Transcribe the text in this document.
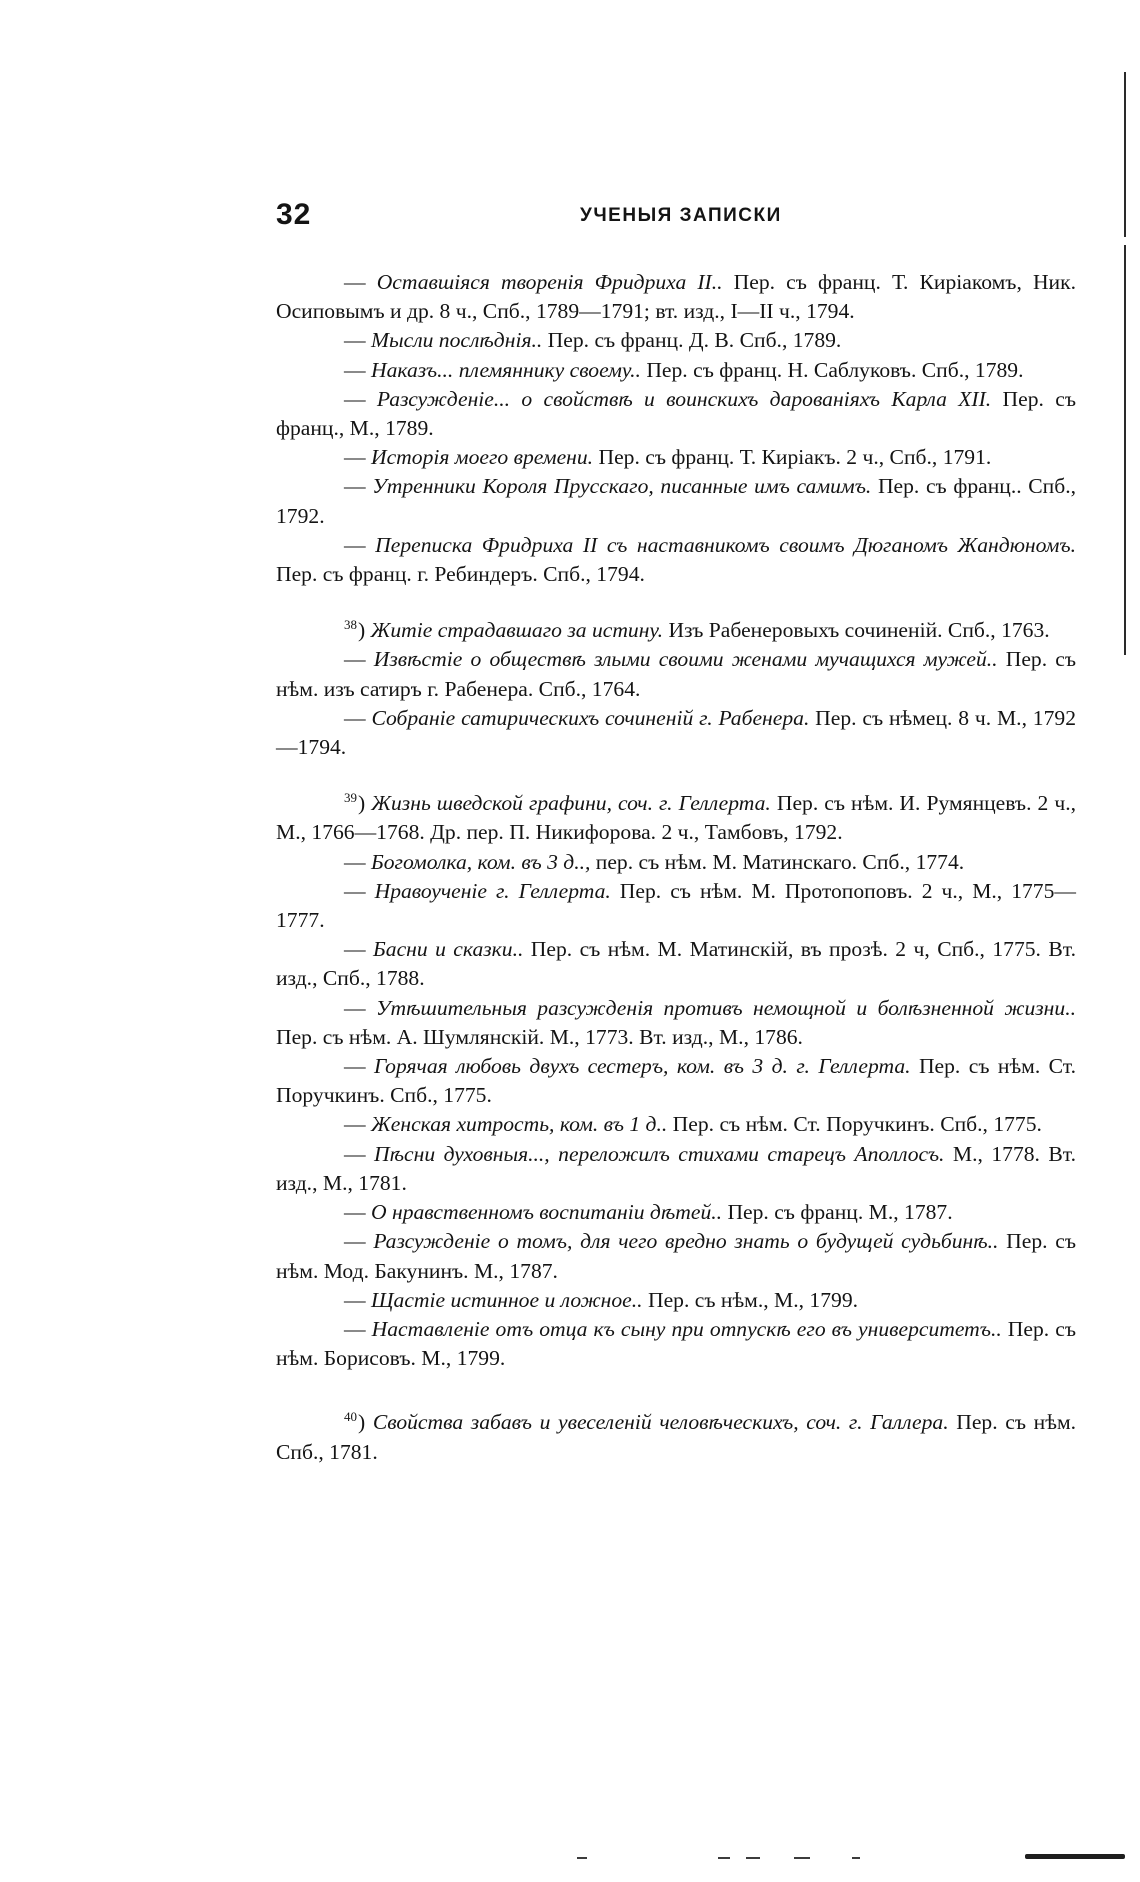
32	УЧЕНЫЯ ЗАПИСКИ

— Оставшіяся творенія Фридриха II.. Пер. съ франц. Т. Киріакомъ, Ник. Осиповымъ и др. 8 ч., Спб., 1789—1791; вт. изд., I—II ч., 1794.

— Мысли послѣднія.. Пер. съ франц. Д. В. Спб., 1789.

— Наказъ... племяннику своему.. Пер. съ франц. Н. Саблуковъ. Спб., 1789.

— Разсужденіе... о свойствѣ и воинскихъ дарованіяхъ Карла XII. Пер. съ франц., М., 1789.

— Исторія моего времени. Пер. съ франц. Т. Киріакъ. 2 ч., Спб., 1791.

— Утренники Короля Прусскаго, писанные имъ самимъ. Пер. съ франц.. Спб., 1792.

— Переписка Фридриха II съ наставникомъ своимъ Дюганомъ Жандюномъ. Пер. съ франц. г. Ребиндеръ. Спб., 1794.

$^{38}$) Житіе страдавшаго за истину. Изъ Рабенеровыхъ сочиненій. Спб., 1763.

— Извѣстіе о обществѣ злыми своими женами мучащихся мужей.. Пер. съ нѣм. изъ сатиръ г. Рабенера. Спб., 1764.

— Собраніе сатирическихъ сочиненій г. Рабенера. Пер. съ нѣмец. 8 ч. М., 1792—1794.

$^{39}$) Жизнь шведской графини, соч. г. Геллерта. Пер. съ нѣм. И. Румянцевъ. 2 ч., М., 1766—1768. Др. пер. П. Никифорова. 2 ч., Тамбовъ, 1792.

— Богомолка, ком. въ 3 д.., пер. съ нѣм. М. Матинскаго. Спб., 1774.

— Нравоученіе г. Геллерта. Пер. съ нѣм. М. Протопоповъ. 2 ч., М., 1775—1777.

— Басни и сказки.. Пер. съ нѣм. М. Матинскій, въ прозѣ. 2 ч, Спб., 1775. Вт. изд., Спб., 1788.

— Утѣшительныя разсужденія противъ немощной и болѣзненной жизни.. Пер. съ нѣм. А. Шумлянскій. М., 1773. Вт. изд., М., 1786.

— Горячая любовь двухъ сестеръ, ком. въ 3 д. г. Геллерта. Пер. съ нѣм. Ст. Поручкинъ. Спб., 1775.

— Женская хитрость, ком. въ 1 д.. Пер. съ нѣм. Ст. Поручкинъ. Спб., 1775.

— Пѣсни духовныя..., переложилъ стихами старецъ Аполлосъ. М., 1778. Вт. изд., М., 1781.

— О нравственномъ воспитаніи дѣтей.. Пер. съ франц. М., 1787.

— Разсужденіе о томъ, для чего вредно знать о будущей судьбинѣ.. Пер. съ нѣм. Мод. Бакунинъ. М., 1787.

— Щастіе истинное и ложное.. Пер. съ нѣм., М., 1799.

— Наставленіе отъ отца къ сыну при отпускѣ его въ университетъ.. Пер. съ нѣм. Борисовъ. М., 1799.

$^{40}$) Свойства забавъ и увеселеній человѣческихъ, соч. г. Галлера. Пер. съ нѣм. Спб., 1781.
